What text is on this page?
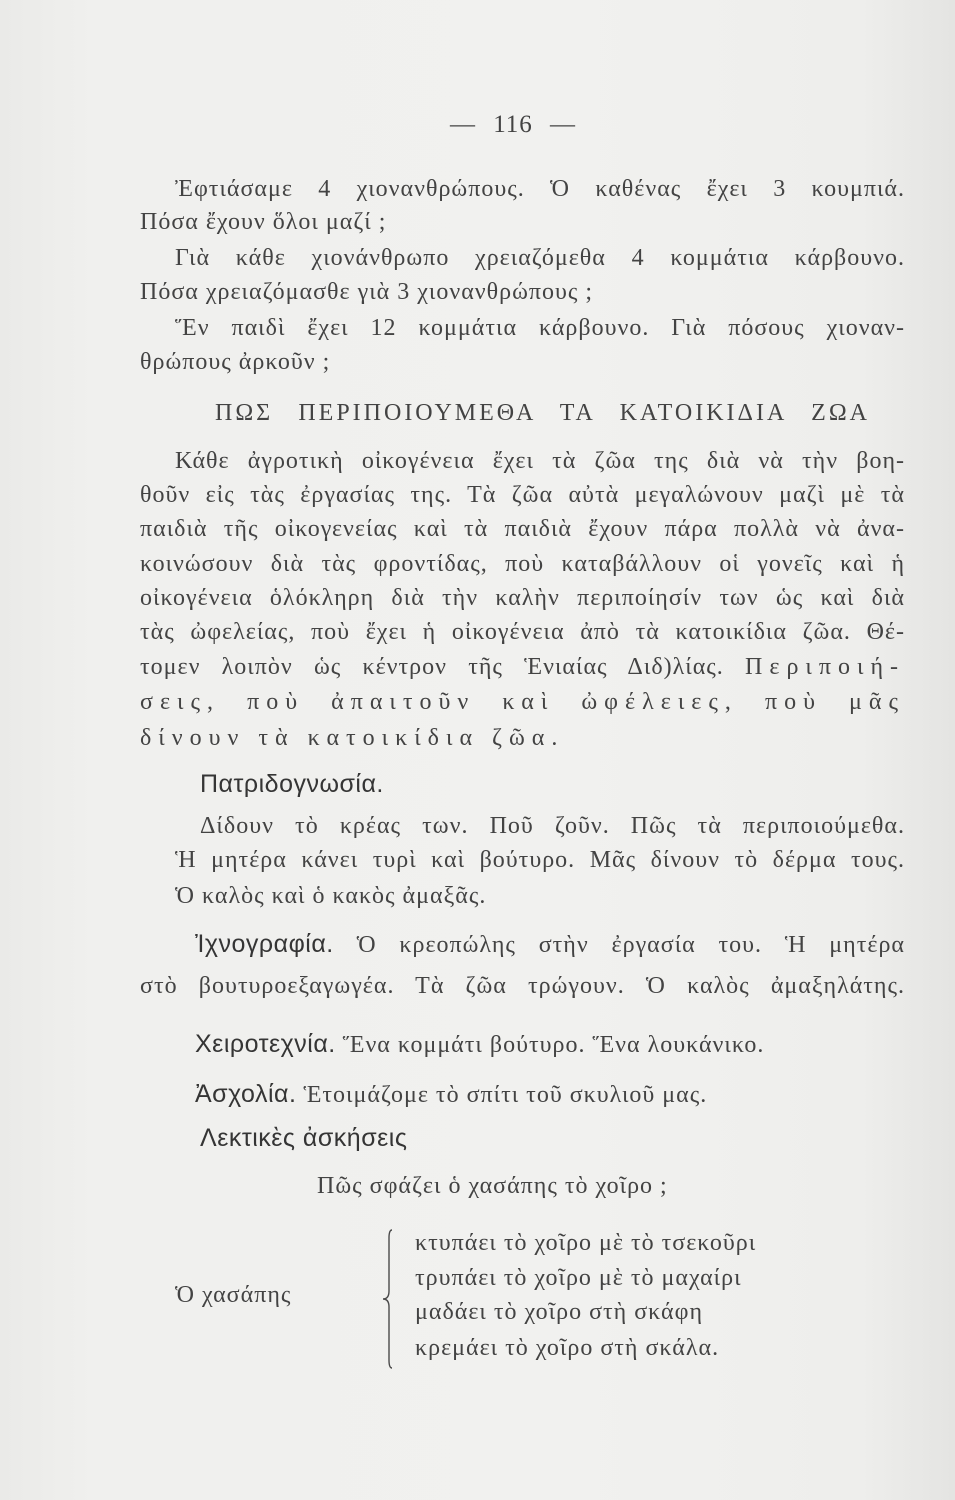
— 116 —
Ἐφτιάσαμε 4 χιονανθρώπους. Ὁ καθένας ἔχει 3 κουμπιά.
Πόσα ἔχουν ὅλοι μαζί ;
Γιὰ κάθε χιονάνθρωπο χρειαζόμεθα 4 κομμάτια κάρβουνο.
Πόσα χρειαζόμασθε γιὰ 3 χιονανθρώπους ;
Ἕν παιδὶ ἔχει 12 κομμάτια κάρβουνο. Γιὰ πόσους χιοναν-
θρώπους ἀρκοῦν ;
ΠΩΣ ΠΕΡΙΠΟΙΟΥΜΕΘΑ ΤΑ ΚΑΤΟΙΚΙΔΙΑ ΖΩΑ
Κάθε ἀγροτικὴ οἰκογένεια ἔχει τὰ ζῶα της διὰ νὰ τὴν βοη-
θοῦν εἰς τὰς ἐργασίας της. Τὰ ζῶα αὐτὰ μεγαλώνουν μαζὶ μὲ τὰ
παιδιὰ τῆς οἰκογενείας καὶ τὰ παιδιὰ ἔχουν πάρα πολλὰ νὰ ἀνα-
κοινώσουν διὰ τὰς φροντίδας, ποὺ καταβάλλουν οἱ γονεῖς καὶ ἡ
οἰκογένεια ὁλόκληρη διὰ τὴν καλὴν περιποίησίν των ὡς καὶ διὰ
τὰς ὠφελείας, ποὺ ἔχει ἡ οἰκογένεια ἀπὸ τὰ κατοικίδια ζῶα. Θέ-
τομεν λοιπὸν ὡς κέντρον τῆς Ἑνιαίας Διδ)λίας. Περιποιή-
σεις, ποὺ ἀπαιτοῦν καὶ ὠφέλειες, ποὺ μᾶς
δίνουν τὰ κατοικίδια ζῶα.
Πατριδογνωσία.
Δίδουν τὸ κρέας των. Ποῦ ζοῦν. Πῶς τὰ περιποιούμεθα.
Ἡ μητέρα κάνει τυρὶ καὶ βούτυρο. Μᾶς δίνουν τὸ δέρμα τους.
Ὁ καλὸς καὶ ὁ κακὸς ἀμαξᾶς.
Ἰχνογραφία. Ὁ κρεοπώλης στὴν ἐργασία του. Ἡ μητέρα
στὸ βουτυροεξαγωγέα. Τὰ ζῶα τρώγουν. Ὁ καλὸς ἀμαξηλάτης.
Χειροτεχνία. Ἕνα κομμάτι βούτυρο. Ἕνα λουκάνικο.
Ἀσχολία. Ἑτοιμάζομε τὸ σπίτι τοῦ σκυλιοῦ μας.
Λεκτικὲς ἀσκήσεις
Πῶς σφάζει ὁ χασάπης τὸ χοῖρο ;
Ὁ χασάπης
κτυπάει τὸ χοῖρο μὲ τὸ τσεκοῦρι
τρυπάει τὸ χοῖρο μὲ τὸ μαχαίρι
μαδάει τὸ χοῖρο στὴ σκάφη
κρεμάει τὸ χοῖρο στὴ σκάλα.
